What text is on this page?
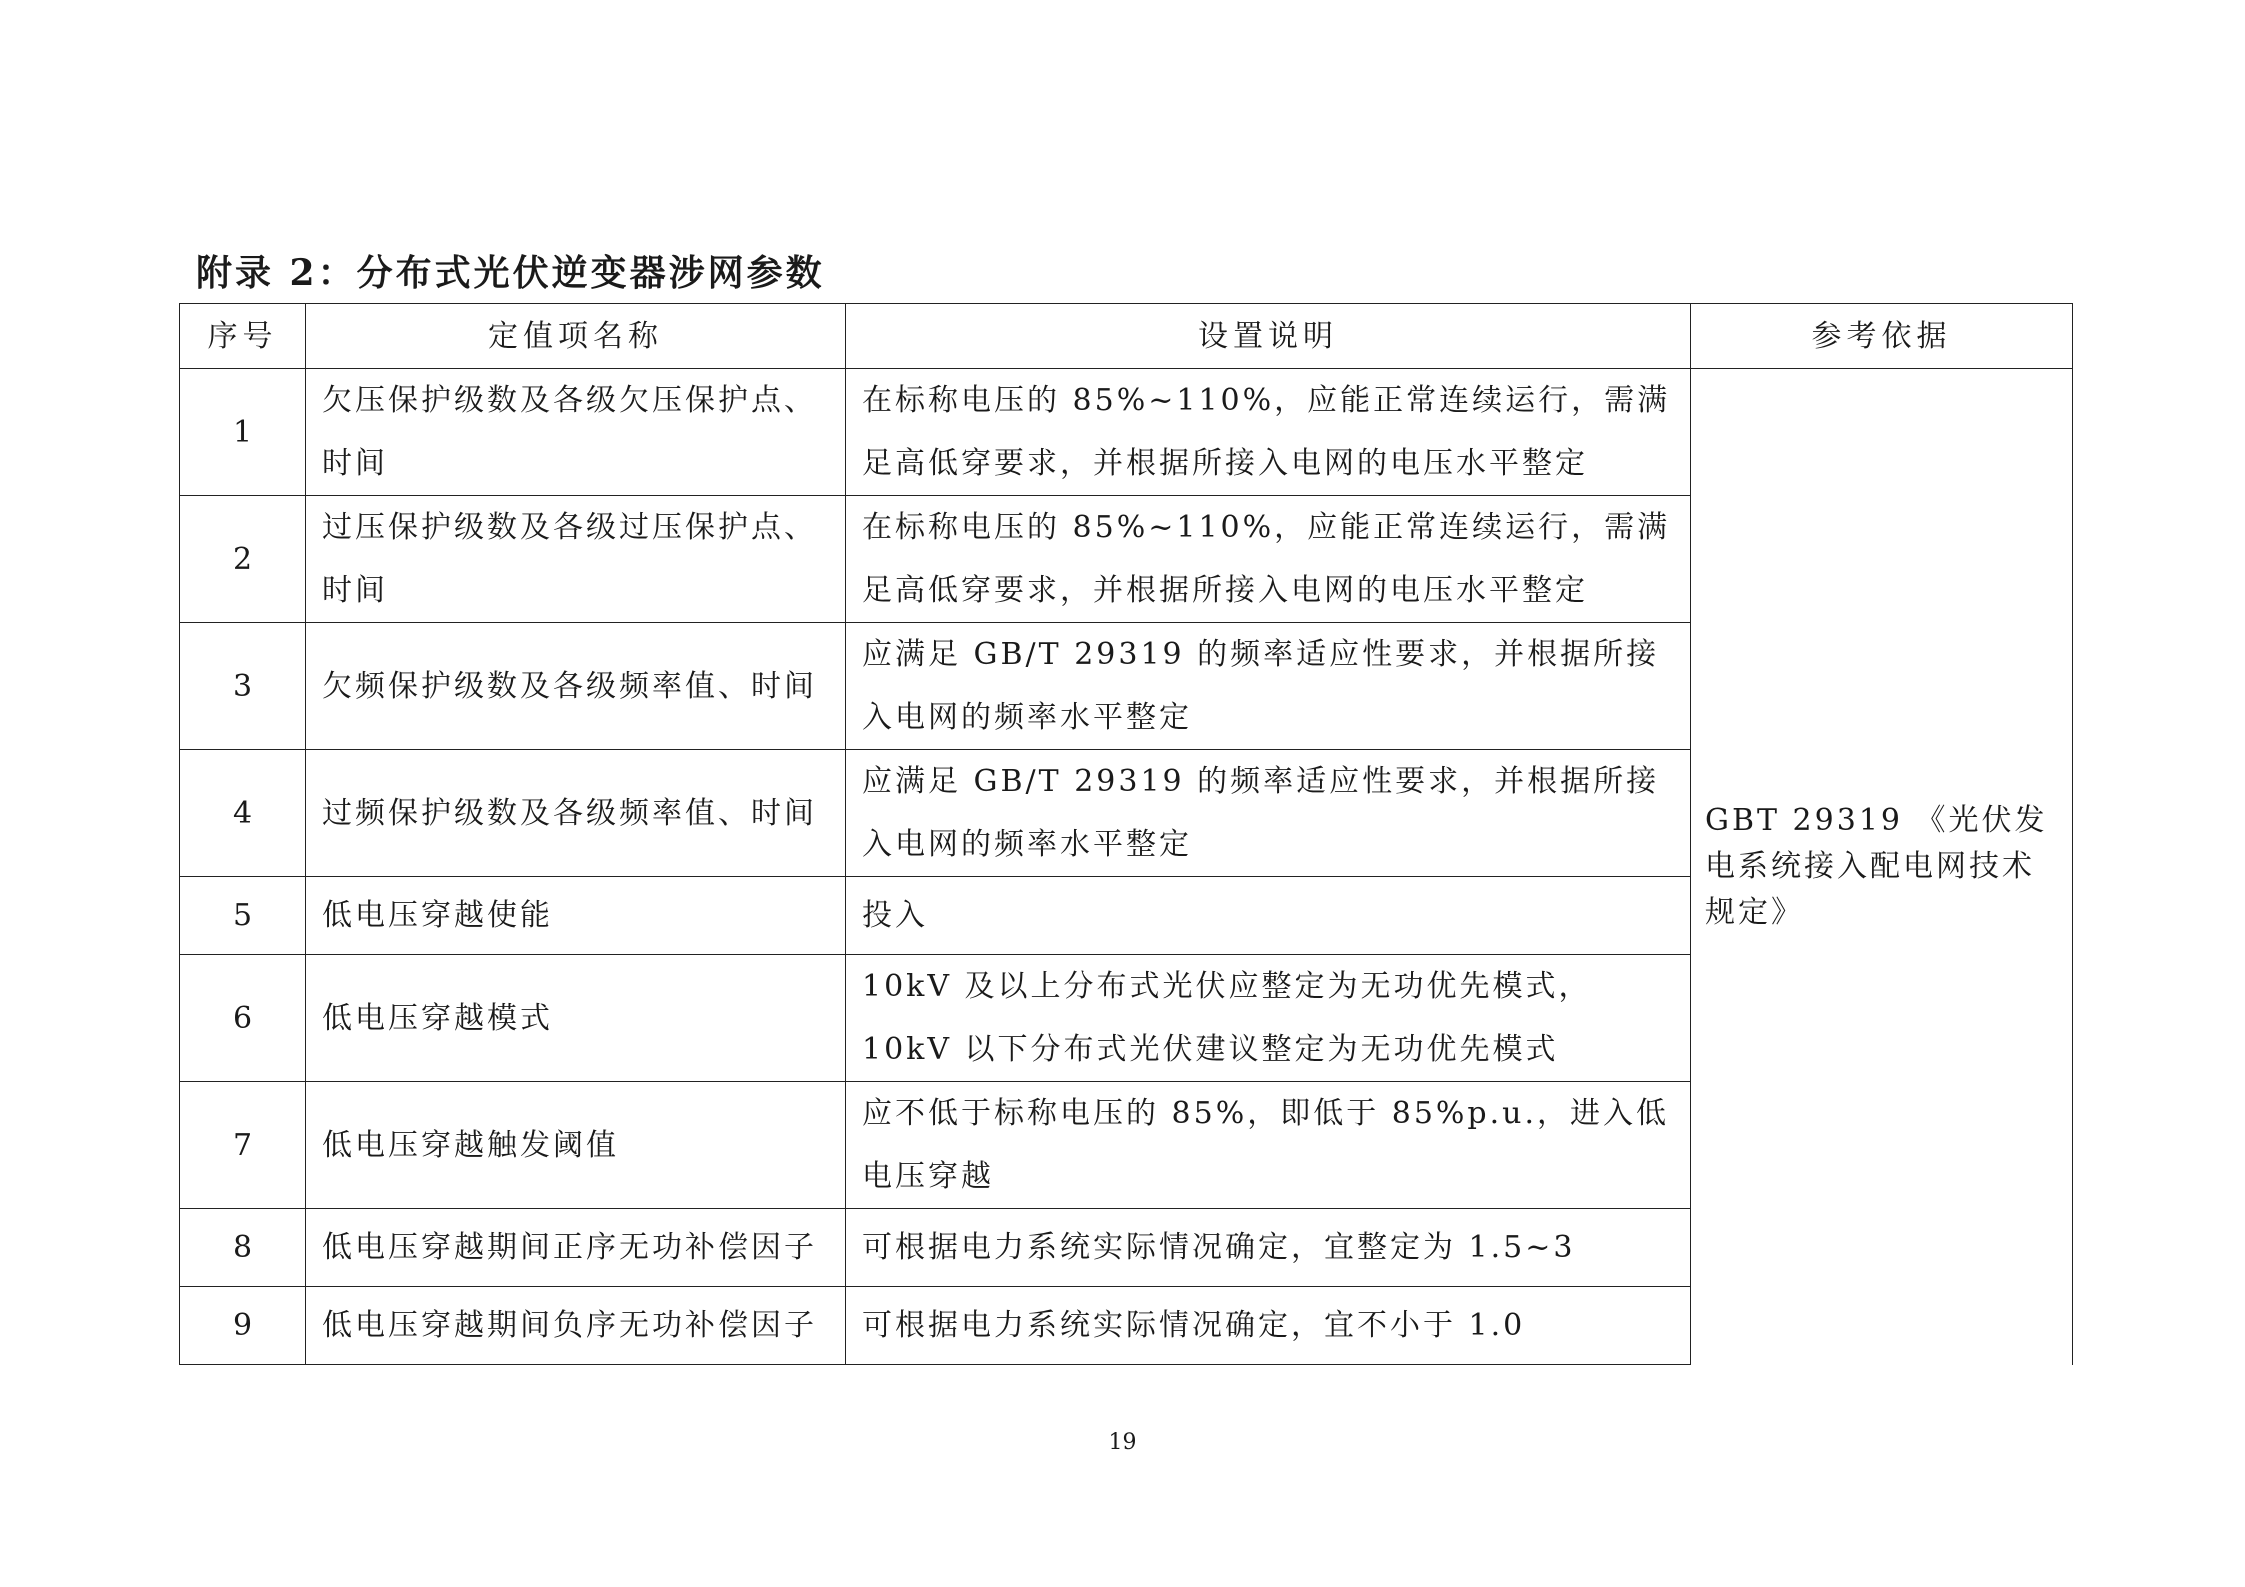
附录 2：分布式光伏逆变器涉网参数
序号	定值项名称	设置说明	参考依据
1	欠压保护级数及各级欠压保护点、时间	在标称电压的 85%~110%，应能正常连续运行，需满足高低穿要求，并根据所接入电网的电压水平整定	GBT 29319 《光伏发电系统接入配电网技术规定》
2	过压保护级数及各级过压保护点、时间	在标称电压的 85%~110%，应能正常连续运行，需满足高低穿要求，并根据所接入电网的电压水平整定	
3	欠频保护级数及各级频率值、时间	应满足 GB/T 29319 的频率适应性要求，并根据所接入电网的频率水平整定	
4	过频保护级数及各级频率值、时间	应满足 GB/T 29319 的频率适应性要求，并根据所接入电网的频率水平整定	
5	低电压穿越使能	投入	
6	低电压穿越模式	10kV 及以上分布式光伏应整定为无功优先模式，10kV 以下分布式光伏建议整定为无功优先模式	
7	低电压穿越触发阈值	应不低于标称电压的 85%，即低于 85%p.u.，进入低电压穿越	
8	低电压穿越期间正序无功补偿因子	可根据电力系统实际情况确定，宜整定为 1.5~3	
9	低电压穿越期间负序无功补偿因子	可根据电力系统实际情况确定，宜不小于 1.0	
19
